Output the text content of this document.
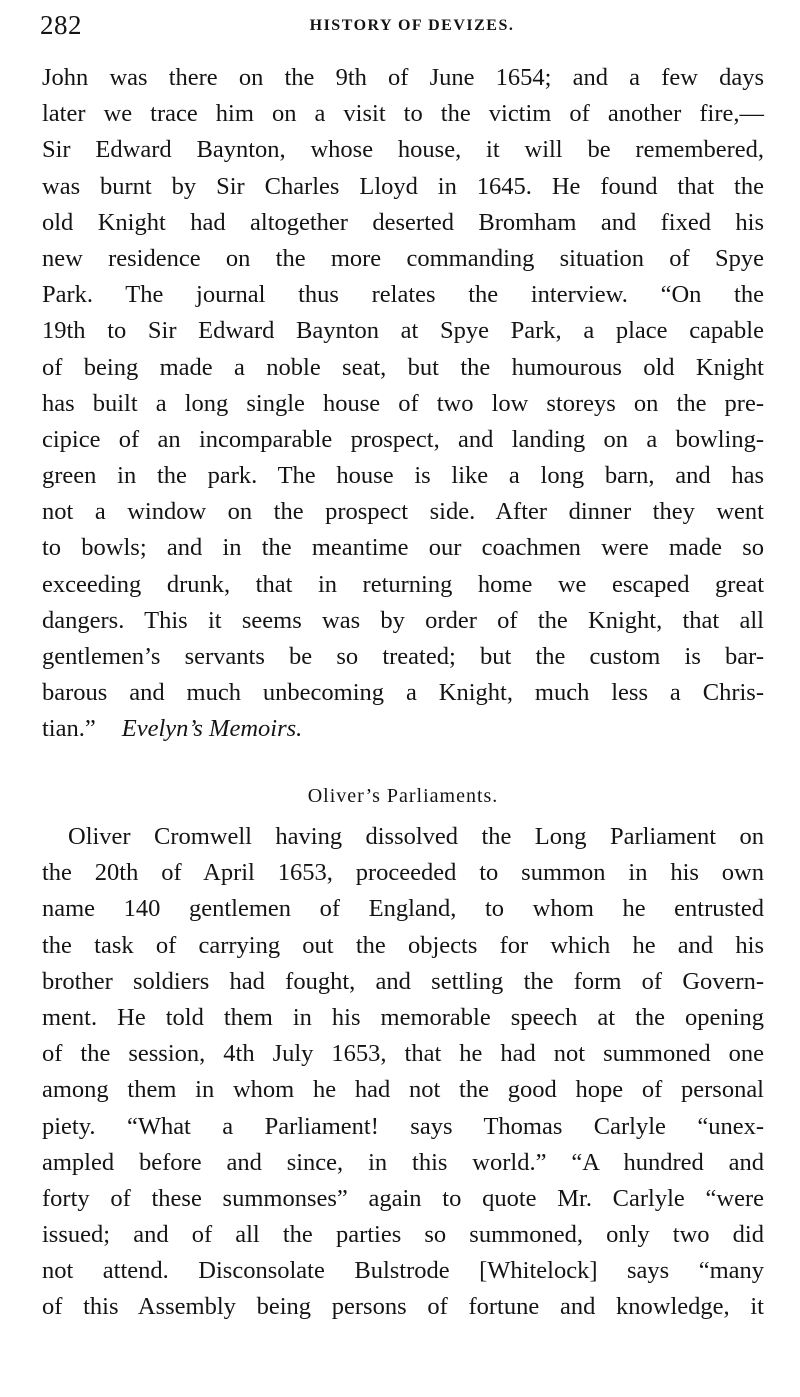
282	HISTORY OF DEVIZES.
John was there on the 9th of June 1654; and a few days
later we trace him on a visit to the victim of another fire,—
Sir Edward Baynton, whose house, it will be remembered,
was burnt by Sir Charles Lloyd in 1645. He found that the
old Knight had altogether deserted Bromham and fixed his
new residence on the more commanding situation of Spye
Park. The journal thus relates the interview. “On the
19th to Sir Edward Baynton at Spye Park, a place capable
of being made a noble seat, but the humourous old Knight
has built a long single house of two low storeys on the pre-
cipice of an incomparable prospect, and landing on a bowling-
green in the park. The house is like a long barn, and has
not a window on the prospect side. After dinner they went
to bowls; and in the meantime our coachmen were made so
exceeding drunk, that in returning home we escaped great
dangers. This it seems was by order of the Knight, that all
gentlemen’s servants be so treated; but the custom is bar-
barous and much unbecoming a Knight, much less a Chris-
tian.” Evelyn’s Memoirs.
Oliver’s Parliaments.
Oliver Cromwell having dissolved the Long Parliament on
the 20th of April 1653, proceeded to summon in his own
name 140 gentlemen of England, to whom he entrusted
the task of carrying out the objects for which he and his
brother soldiers had fought, and settling the form of Govern-
ment. He told them in his memorable speech at the opening
of the session, 4th July 1653, that he had not summoned one
among them in whom he had not the good hope of personal
piety. “What a Parliament! says Thomas Carlyle “unex-
ampled before and since, in this world.” “A hundred and
forty of these summonses” again to quote Mr. Carlyle “were
issued; and of all the parties so summoned, only two did
not attend. Disconsolate Bulstrode [Whitelock] says “many
of this Assembly being persons of fortune and knowledge, it
